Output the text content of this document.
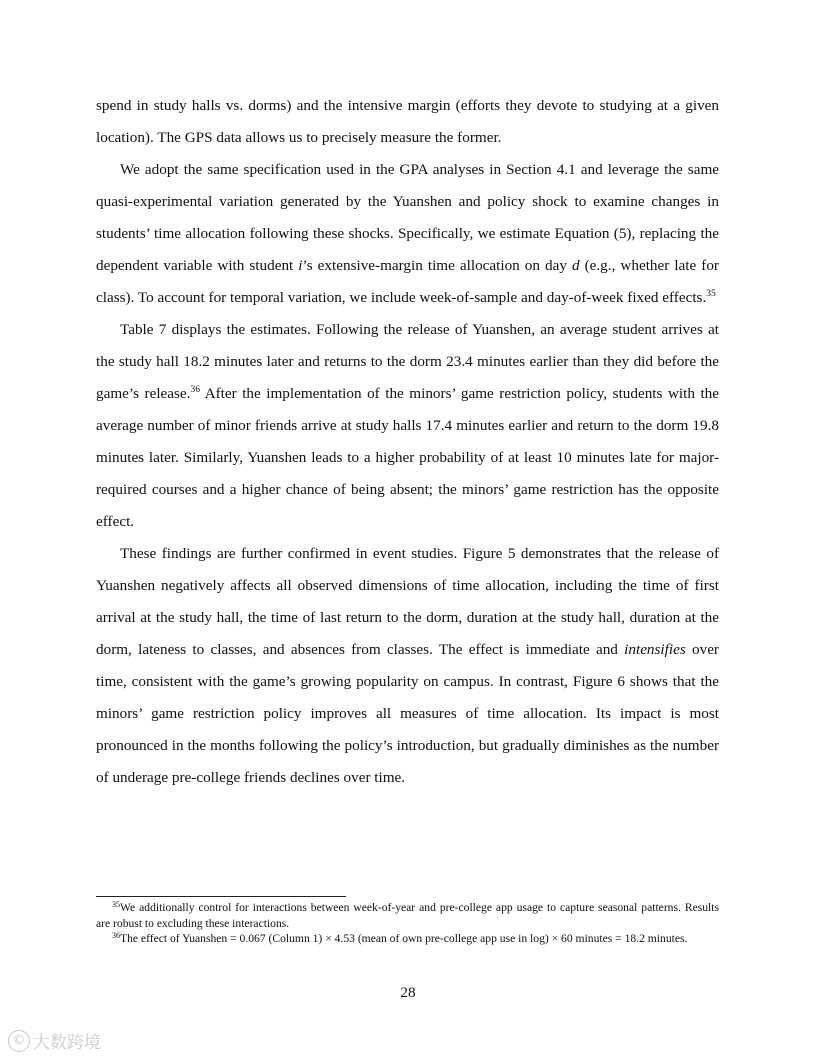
spend in study halls vs. dorms) and the intensive margin (efforts they devote to studying at a given location). The GPS data allows us to precisely measure the former.

We adopt the same specification used in the GPA analyses in Section 4.1 and leverage the same quasi-experimental variation generated by the Yuanshen and policy shock to examine changes in students’ time allocation following these shocks. Specifically, we estimate Equation (5), replacing the dependent variable with student i’s extensive-margin time allocation on day d (e.g., whether late for class). To account for temporal variation, we include week-of-sample and day-of-week fixed effects.$^{35}$

Table 7 displays the estimates. Following the release of Yuanshen, an average student arrives at the study hall 18.2 minutes later and returns to the dorm 23.4 minutes earlier than they did before the game’s release.$^{36}$ After the implementation of the minors’ game restriction policy, students with the average number of minor friends arrive at study halls 17.4 minutes earlier and return to the dorm 19.8 minutes later. Similarly, Yuanshen leads to a higher probability of at least 10 minutes late for major-required courses and a higher chance of being absent; the minors’ game restriction has the opposite effect.

These findings are further confirmed in event studies. Figure 5 demonstrates that the release of Yuanshen negatively affects all observed dimensions of time allocation, including the time of first arrival at the study hall, the time of last return to the dorm, duration at the study hall, duration at the dorm, lateness to classes, and absences from classes. The effect is immediate and intensifies over time, consistent with the game’s growing popularity on campus. In contrast, Figure 6 shows that the minors’ game restriction policy improves all measures of time allocation. Its impact is most pronounced in the months following the policy’s introduction, but gradually diminishes as the number of underage pre-college friends declines over time.

$^{35}$We additionally control for interactions between week-of-year and pre-college app usage to capture seasonal patterns. Results are robust to excluding these interactions.

$^{36}$The effect of Yuanshen = 0.067 (Column 1) × 4.53 (mean of own pre-college app use in log) × 60 minutes = 18.2 minutes.

28
© 大数跨境
